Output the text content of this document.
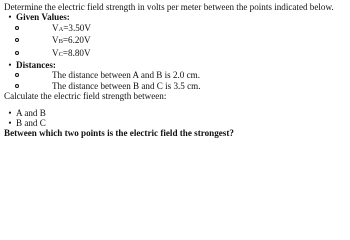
Determine the electric field strength in volts per meter between the points indicated below.
• Given Values:
VA=3.50V
VB=6.20V
VC=8.80V
• Distances:
The distance between A and B is 2.0 cm.
The distance between B and C is 3.5 cm.
Calculate the electric field strength between:
• A and B
• B and C
Between which two points is the electric field the strongest?
